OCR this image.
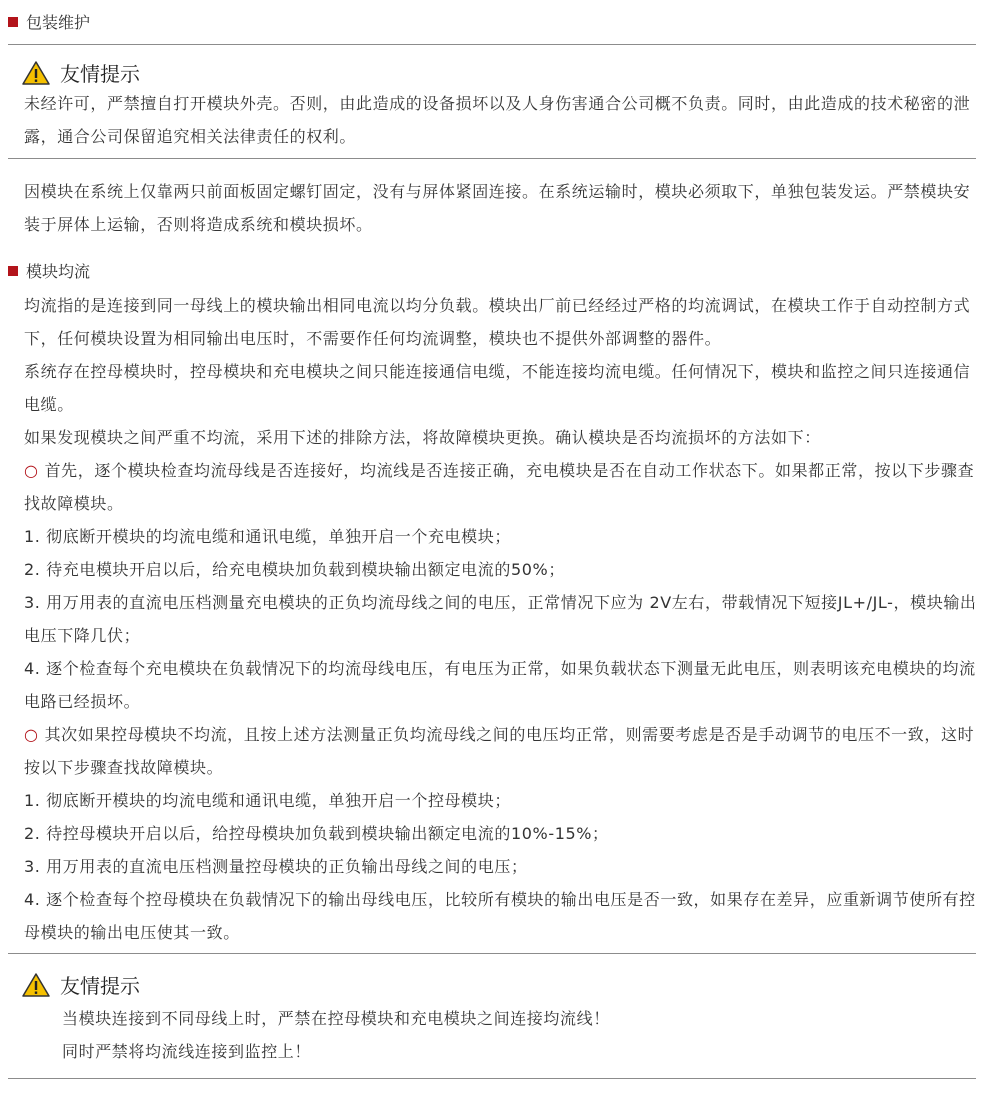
包装维护
友情提示

未经许可，严禁擅自打开模块外壳。否则，由此造成的设备损坏以及人身伤害通合公司概不负责。同时，由此造成的技术秘密的泄露，通合公司保留追究相关法律责任的权利。

因模块在系统上仅靠两只前面板固定螺钉固定，没有与屏体紧固连接。在系统运输时，模块必须取下，单独包装发运。严禁模块安装于屏体上运输，否则将造成系统和模块损坏。

模块均流

均流指的是连接到同一母线上的模块输出相同电流以均分负载。模块出厂前已经经过严格的均流调试，在模块工作于自动控制方式下，任何模块设置为相同输出电压时，不需要作任何均流调整，模块也不提供外部调整的器件。

系统存在控母模块时，控母模块和充电模块之间只能连接通信电缆，不能连接均流电缆。任何情况下，模块和监控之间只连接通信电缆。

如果发现模块之间严重不均流，采用下述的排除方法，将故障模块更换。确认模块是否均流损坏的方法如下：

○ 首先，逐个模块检查均流母线是否连接好，均流线是否连接正确，充电模块是否在自动工作状态下。如果都正常，按以下步骤查找故障模块。

1. 彻底断开模块的均流电缆和通讯电缆，单独开启一个充电模块；

2. 待充电模块开启以后，给充电模块加负载到模块输出额定电流的50%；

3. 用万用表的直流电压档测量充电模块的正负均流母线之间的电压，正常情况下应为 2V左右，带载情况下短接JL+/JL-，模块输出电压下降几伏；

4. 逐个检查每个充电模块在负载情况下的均流母线电压，有电压为正常，如果负载状态下测量无此电压，则表明该充电模块的均流电路已经损坏。

○ 其次如果控母模块不均流，且按上述方法测量正负均流母线之间的电压均正常，则需要考虑是否是手动调节的电压不一致，这时按以下步骤查找故障模块。

1. 彻底断开模块的均流电缆和通讯电缆，单独开启一个控母模块；

2. 待控母模块开启以后，给控母模块加负载到模块输出额定电流的10%-15%；

3. 用万用表的直流电压档测量控母模块的正负输出母线之间的电压；

4. 逐个检查每个控母模块在负载情况下的输出母线电压，比较所有模块的输出电压是否一致，如果存在差异，应重新调节使所有控母模块的输出电压使其一致。

友情提示
当模块连接到不同母线上时，严禁在控母模块和充电模块之间连接均流线！
同时严禁将均流线连接到监控上！
